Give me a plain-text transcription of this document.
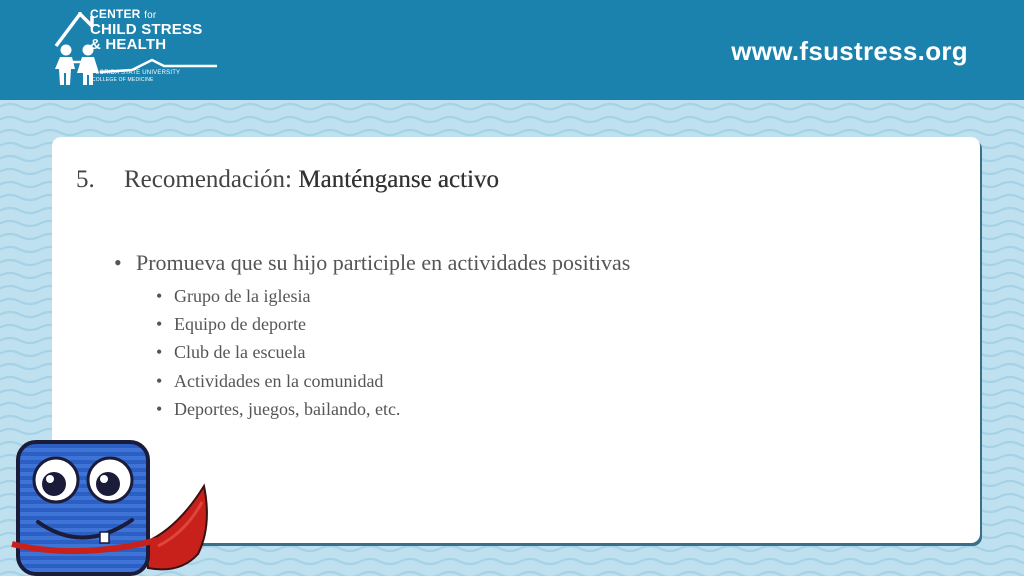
CENTER for
CHILD STRESS
& HEALTH
FLORIDA STATE UNIVERSITY
COLLEGE OF MEDICINE
www.fsustress.org
5. Recomendación: Manténganse activo
• Promueva que su hijo participle en actividades positivas
• Grupo de la iglesia
• Equipo de deporte
• Club de la escuela
• Actividades en la comunidad
• Deportes, juegos, bailando, etc.
